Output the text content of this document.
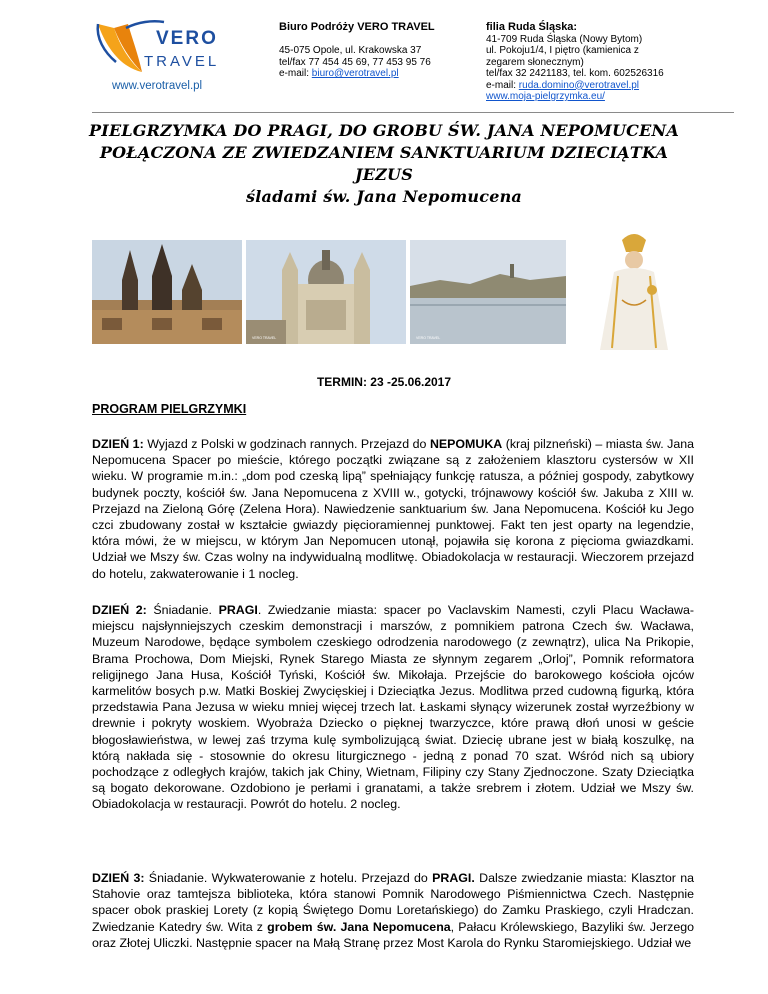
VERO
TRAVEL
www.verotravel.pl
Biuro Podróży VERO TRAVEL

45-075 Opole, ul. Krakowska 37
tel/fax 77 454 45 69, 77 453 95 76
e-mail: biuro@verotravel.pl
filia Ruda Śląska:
41-709 Ruda Śląska (Nowy Bytom)
ul. Pokoju1/4, I piętro (kamienica z
zegarem słonecznym)
tel/fax 32 2421183, tel. kom. 602526316
e-mail: ruda.domino@verotravel.pl
www.moja-pielgrzymka.eu/
PIELGRZYMKA DO PRAGI, DO GROBU ŚW. JANA NEPOMUCENA
POŁĄCZONA ZE ZWIEDZANIEM SANKTUARIUM DZIECIĄTKA
JEZUS
śladami św. Jana Nepomucena
VERO TRAVEL	VERO TRAVEL
TERMIN: 23 -25.06.2017
PROGRAM PIELGRZYMKI
DZIEŃ 1: Wyjazd z Polski w godzinach rannych. Przejazd do NEPOMUKA (kraj pilzneński) – miasta św. Jana Nepomucena Spacer po mieście, którego początki związane są z założeniem klasztoru cystersów w XII wieku. W programie m.in.: „dom pod czeską lipą” spełniający funkcję ratusza, a później gospody, zabytkowy budynek poczty, kościół św. Jana Nepomucena z XVIII w., gotycki, trójnawowy kościół św. Jakuba z XIII w. Przejazd na Zieloną Górę (Zelena Hora). Nawiedzenie sanktuarium św. Jana Nepomucena. Kościół ku Jego czci zbudowany został w kształcie gwiazdy pięcioramiennej punktowej. Fakt ten jest oparty na legendzie, która mówi, że w miejscu, w którym Jan Nepomucen utonął, pojawiła się korona z pięcioma gwiazdkami. Udział we Mszy św. Czas wolny na indywidualną modlitwę. Obiadokolacja w restauracji. Wieczorem przejazd do hotelu, zakwaterowanie i 1 nocleg.
DZIEŃ 2: Śniadanie. PRAGI. Zwiedzanie miasta: spacer po Vaclavskim Namesti, czyli Placu Wacława- miejscu najsłynniejszych czeskim demonstracji i marszów, z pomnikiem patrona Czech św. Wacława, Muzeum Narodowe, będące symbolem czeskiego odrodzenia narodowego (z zewnątrz), ulica Na Prikopie, Brama Prochowa, Dom Miejski, Rynek Starego Miasta ze słynnym zegarem „Orloj”, Pomnik reformatora religijnego Jana Husa, Kościół Tyński, Kościół św. Mikołaja. Przejście do barokowego kościoła ojców karmelitów bosych p.w. Matki Boskiej Zwycięskiej i Dzieciątka Jezus. Modlitwa przed cudowną figurką, która przedstawia Pana Jezusa w wieku mniej więcej trzech lat. Łaskami słynący wizerunek został wyrzeźbiony w drewnie i pokryty woskiem. Wyobraża Dziecko o pięknej twarzyczce, które prawą dłoń unosi w geście błogosławieństwa, w lewej zaś trzyma kulę symbolizującą świat. Dziecię ubrane jest w białą koszulkę, na którą nakłada się - stosownie do okresu liturgicznego - jedną z ponad 70 szat. Wśród nich są ubiory pochodzące z odległych krajów, takich jak Chiny, Wietnam, Filipiny czy Stany Zjednoczone. Szaty Dzieciątka są bogato dekorowane. Ozdobiono je perłami i granatami, a także srebrem i złotem. Udział we Mszy św. Obiadokolacja w restauracji. Powrót do hotelu. 2 nocleg.
DZIEŃ 3: Śniadanie. Wykwaterowanie z hotelu. Przejazd do PRAGI. Dalsze zwiedzanie miasta: Klasztor na Stahovie oraz tamtejsza biblioteka, która stanowi Pomnik Narodowego Piśmiennictwa Czech. Następnie spacer obok praskiej Lorety (z kopią Świętego Domu Loretańskiego) do Zamku Praskiego, czyli Hradczan. Zwiedzanie Katedry św. Wita z grobem św. Jana Nepomucena, Pałacu Królewskiego, Bazyliki św. Jerzego oraz Złotej Uliczki. Następnie spacer na Małą Stranę przez Most Karola do Rynku Staromiejskiego. Udział we
